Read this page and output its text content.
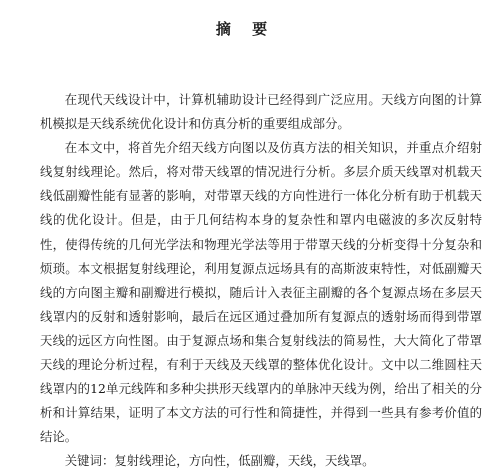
摘 要

在现代天线设计中，计算机辅助设计已经得到广泛应用。天线方向图的计算机模拟是天线系统优化设计和仿真分析的重要组成部分。

在本文中，将首先介绍天线方向图以及仿真方法的相关知识，并重点介绍射线复射线理论。然后，将对带天线罩的情况进行分析。多层介质天线罩对机载天线低副瓣性能有显著的影响，对带罩天线的方向性进行一体化分析有助于机载天线的优化设计。但是，由于几何结构本身的复杂性和罩内电磁波的多次反射特性，使得传统的几何光学法和物理光学法等用于带罩天线的分析变得十分复杂和烦琐。本文根据复射线理论，利用复源点远场具有的高斯波束特性，对低副瓣天线的方向图主瓣和副瓣进行模拟，随后计入表征主副瓣的各个复源点场在多层天线罩内的反射和透射影响，最后在远区通过叠加所有复源点的透射场而得到带罩天线的远区方向性图。由于复源点场和集合复射线法的简易性，大大简化了带罩天线的理论分析过程，有利于天线及天线罩的整体优化设计。文中以二维圆柱天线罩内的12单元线阵和多种尖拱形天线罩内的单脉冲天线为例，给出了相关的分析和计算结果，证明了本文方法的可行性和简捷性，并得到一些具有参考价值的结论。

关键词：复射线理论，方向性，低副瓣，天线，天线罩。
